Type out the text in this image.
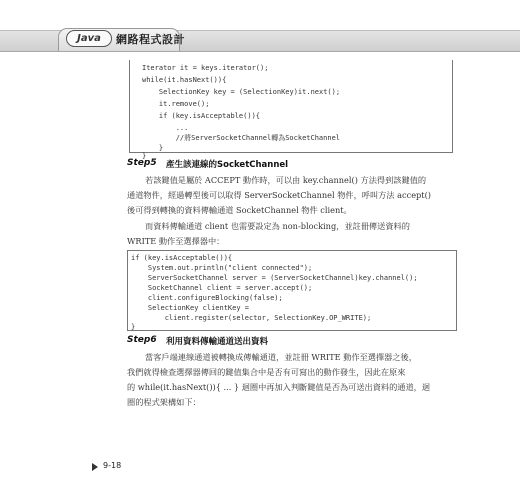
Java	網路程式設計
Iterator it = keys.iterator();
while(it.hasNext()){
SelectionKey key = (SelectionKey)it.next();
it.remove();
if (key.isAcceptable()){
...
//將ServerSocketChannel轉為SocketChannel
}
}
Step5 產生該連線的SocketChannel
若該鍵值是屬於 ACCEPT 動作時，可以由 key.channel() 方法得到該鍵值的
通道物件，經過轉型後可以取得 ServerSocketChannel 物件，呼叫方法 accept()
後可得到轉換的資料傳輸通道 SocketChannel 物件 client。
而資料傳輸通道 client 也需要設定為 non-blocking，並註冊傳送資料的
WRITE 動作至選擇器中：
if (key.isAcceptable()){
System.out.println("client connected");
ServerSocketChannel server = (ServerSocketChannel)key.channel();
SocketChannel client = server.accept();
client.configureBlocking(false);
SelectionKey clientKey =
client.register(selector, SelectionKey.OP_WRITE);
}
Step6 利用資料傳輸通道送出資料
當客戶端連線通道被轉換成傳輸通道，並註冊 WRITE 動作至選擇器之後，
我們就得檢查選擇器傳回的鍵值集合中是否有可寫出的動作發生，因此在原來
的 while(it.hasNext()){ ... } 迴圈中再加入判斷鍵值是否為可送出資料的通道，迴
圈的程式架構如下：
9-18
